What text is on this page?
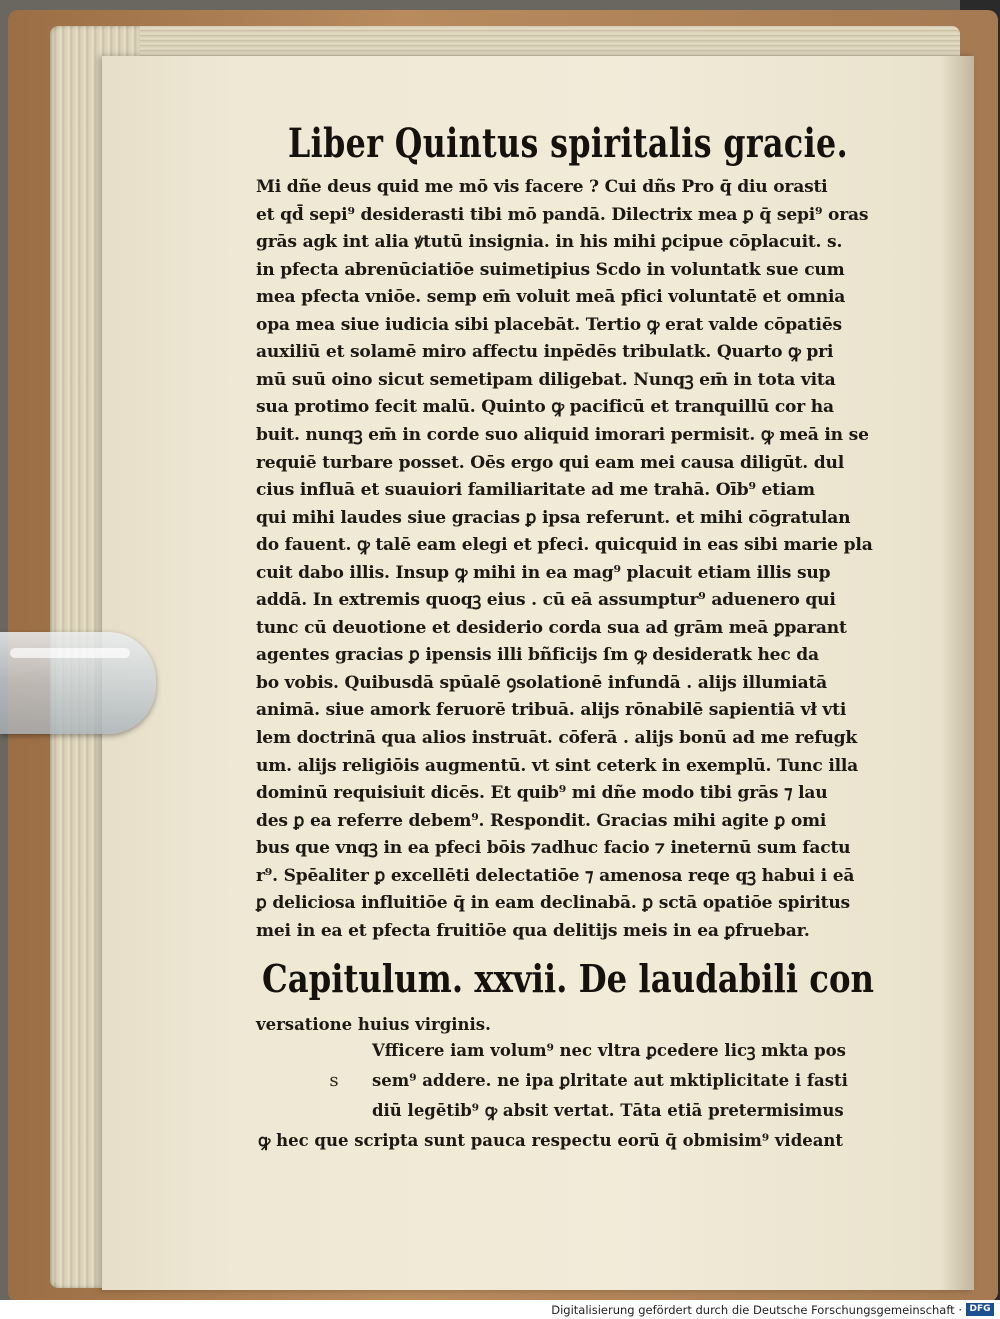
Liber Quintus spiritalis gracie.
Mi dñe deus quid me mō vis facere ? Cui dñs Pro q̄ diu orasti
et qd̄ sepi⁹ desiderasti tibi mō pandā. Dilectrix mea ꝑ q̄ sepi⁹ oras
grās agk int alia ꝟtutū insignia. in his mihi ꝑcipue cōplacuit. s.
in pfecta abrenūciatiōe suimetipius Scdo in voluntatk sue cum
mea pfecta vniōe. semp em̄ voluit meā pfici voluntatē et omnia
opa mea siue iudicia sibi placebāt. Tertio ꝙ erat valde cōpatiēs
auxiliū et solamē miro affectu inpēdēs tribulatk. Quarto ꝙ pri
mū suū oino sicut semetipam diligebat. Nunqꝫ em̄ in tota vita
sua protimo fecit malū. Quinto ꝙ pacificū et tranquillū cor ha
buit. nunqꝫ em̄ in corde suo aliquid imorari permisit. ꝙ meā in se
requiē turbare posset. Oēs ergo qui eam mei causa diligūt. dul
cius influā et suauiori familiaritate ad me trahā. Oīb⁹ etiam
qui mihi laudes siue gracias ꝑ ipsa referunt. et mihi cōgratulan
do fauent. ꝙ talē eam elegi et pfeci. quicquid in eas sibi marie pla
cuit dabo illis. Insup ꝙ mihi in ea mag⁹ placuit etiam illis sup
addā. In extremis quoqꝫ eius . cū eā assumptur⁹ aduenero qui
tunc cū deuotione et desiderio corda sua ad grām meā ꝑparant
agentes gracias ꝑ ipensis illi bñficijs ſm ꝙ desideratk hec da
bo vobis. Quibusdā spūalē ꝯsolationē infundā . alijs illumiatā
animā. siue amork feruorē tribuā. alijs rōnabilē sapientiā vł vti
lem doctrinā qua alios instruāt. cōferā . alijs bonū ad me refugk
um. alijs religiōis augmentū. vt sint ceterk in exemplū. Tunc illa
dominū requisiuit dicēs. Et quib⁹ mi dñe modo tibi grās ⁊ lau
des ꝑ ea referre debem⁹. Respondit. Gracias mihi agite ꝑ omi
bus que vnqꝫ in ea pfeci bōis ⁊adhuc facio ⁊ ineternū sum factu
r⁹. Spēaliter ꝑ excellēti delectatiōe ⁊ amenosa reqe qꝫ habui i eā
ꝑ deliciosa influitiōe q̄ in eam declinabā. ꝑ sctā opatiōe spiritus
mei in ea et pfecta fruitiōe qua delitijs meis in ea ꝑfruebar.
Capitulum. xxvii. De laudabili con
versatione huius virginis.
s
Vfficere iam volum⁹ nec vltra ꝑcedere licꝫ mkta pos
sem⁹ addere. ne ipa ꝑlritate aut mktiplicitate i fasti
diū legētib⁹ ꝙ absit vertat. Tāta etiā pretermisimus
ꝙ hec que scripta sunt pauca respectu eorū q̄ obmisim⁹ videant
Digitalisierung gefördert durch die Deutsche Forschungsgemeinschaft · DFG
